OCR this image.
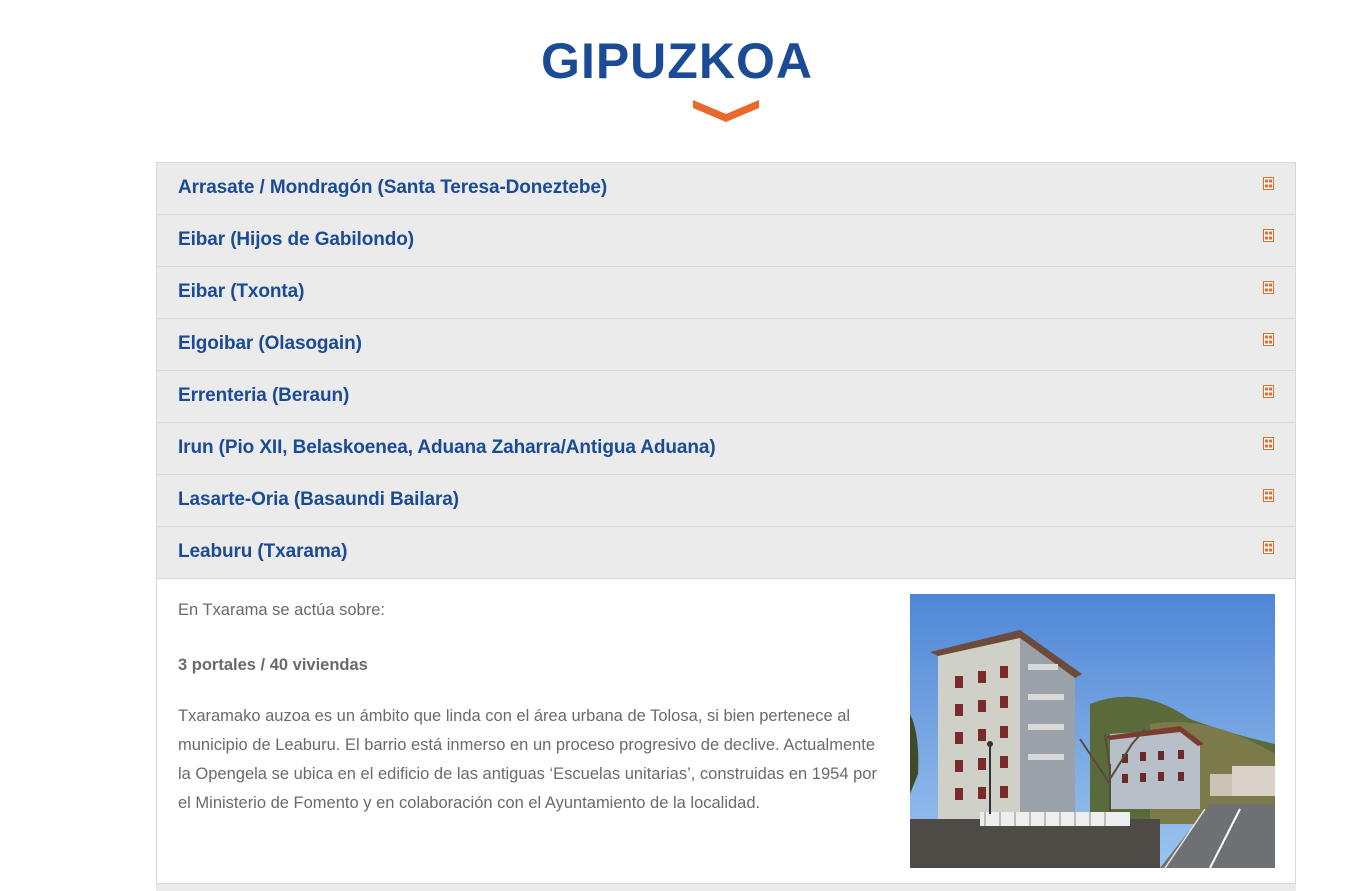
GIPUZKOA
Arrasate / Mondragón (Santa Teresa-Doneztebe)
Eibar (Hijos de Gabilondo)
Eibar (Txonta)
Elgoibar (Olasogain)
Errenteria (Beraun)
Irun (Pio XII, Belaskoenea, Aduana Zaharra/Antigua Aduana)
Lasarte-Oria (Basaundi Bailara)
Leaburu (Txarama)

En Txarama se actúa sobre:

3 portales / 40 viviendas

Txaramako auzoa es un ámbito que linda con el área urbana de Tolosa, si bien pertenece al municipio de Leaburu. El barrio está inmerso en un proceso progresivo de declive. Actualmente la Opengela se ubica en el edificio de las antiguas ‘Escuelas unitarias’, construidas en 1954 por el Ministerio de Fomento y en colaboración con el Ayuntamiento de la localidad.
